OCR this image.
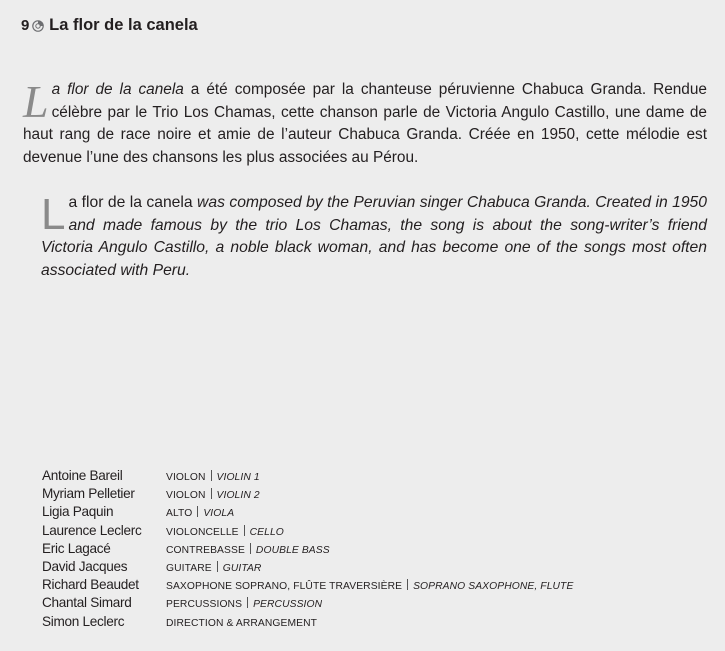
9 La flor de la canela

La flor de la canela a été composée par la chanteuse péruvienne Chabuca Granda. Rendue célèbre par le Trio Los Chamas, cette chanson parle de Victoria Angulo Castillo, une dame de haut rang de race noire et amie de l’auteur Chabuca Granda. Créée en 1950, cette mélodie est devenue l’une des chansons les plus associées au Pérou.

La flor de la canela was composed by the Peruvian singer Chabuca Granda. Created in 1950 and made famous by the trio Los Chamas, the song is about the song-writer’s friend Victoria Angulo Castillo, a noble black woman, and has become one of the songs most often associated with Peru.

Antoine Bareil	VIOLON VIOLIN 1
Myriam Pelletier	VIOLON VIOLIN 2
Ligia Paquin	ALTO VIOLA
Laurence Leclerc	VIOLONCELLE CELLO
Eric Lagacé	CONTREBASSE DOUBLE BASS
David Jacques	GUITARE GUITAR
Richard Beaudet	SAXOPHONE SOPRANO, FLÛTE TRAVERSIÈRE SOPRANO SAXOPHONE, FLUTE
Chantal Simard	PERCUSSIONS PERCUSSION
Simon Leclerc	DIRECTION & ARRANGEMENT
